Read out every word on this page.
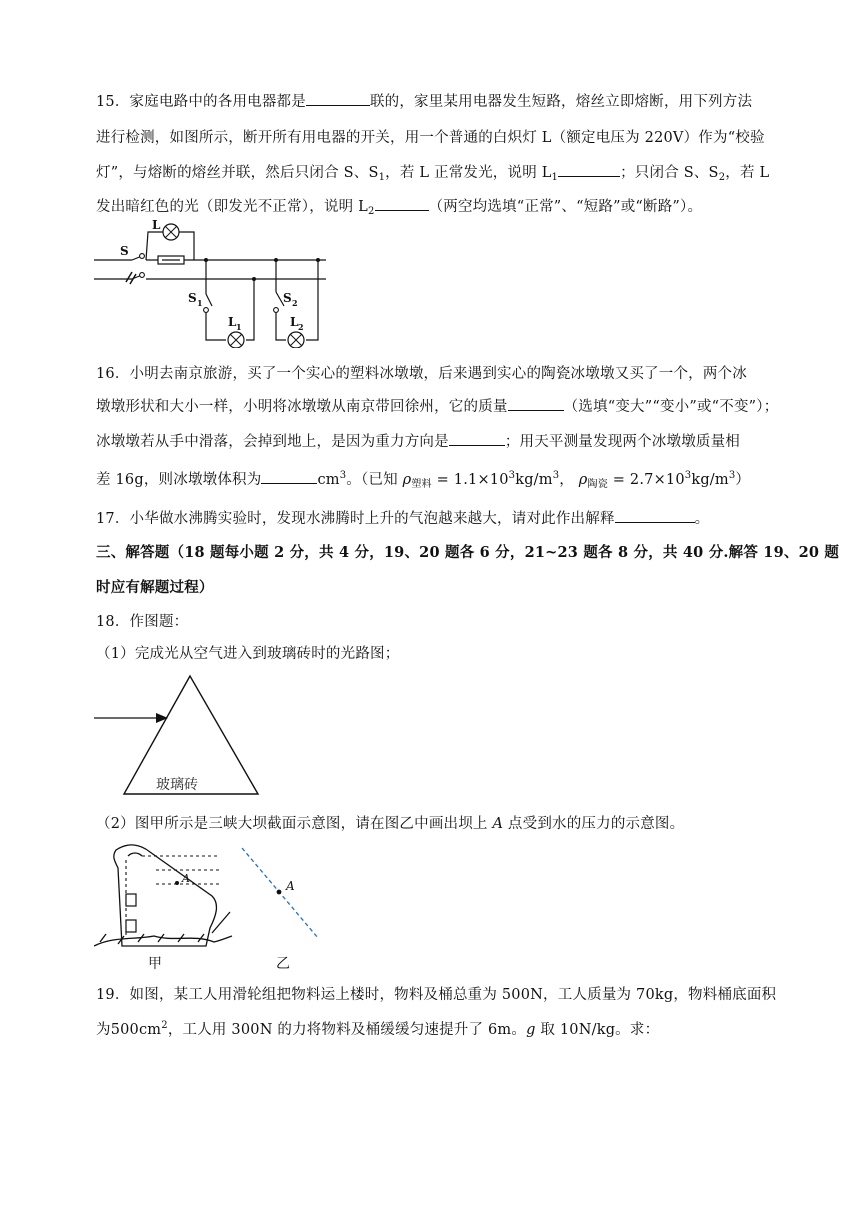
15．家庭电路中的各用电器都是	联的，家里某用电器发生短路，熔丝立即熔断，用下列方法
进行检测，如图所示，断开所有用电器的开关，用一个普通的白炽灯 L（额定电压为 220V）作为“校验
灯”，与熔断的熔丝并联，然后只闭合 S、$S_1$，若 L 正常发光，说明 $L_1$	；只闭合 S、$S_2$，若 L
发出暗红色的光（即发光不正常），说明 $L_2$	（两空均选填“正常”、“短路”或“断路”）。
S
L
S 1	S 2
L 1	L 2
16．小明去南京旅游，买了一个实心的塑料冰墩墩，后来遇到实心的陶瓷冰墩墩又买了一个，两个冰
墩墩形状和大小一样，小明将冰墩墩从南京带回徐州，它的质量	（选填“变大”“变小”或“不变”）；
冰墩墩若从手中滑落，会掉到地上，是因为重力方向是	；用天平测量发现两个冰墩墩质量相
差 16g，则冰墩墩体积为	$cm^3$。（已知 $\rho_{塑料} = 1.1\times 10^3kg/m^3$， $\rho_{陶瓷} = 2.7\times 10^3kg/m^3$）
17．小华做水沸腾实验时，发现水沸腾时上升的气泡越来越大，请对此作出解释	。
三、解答题（18 题每小题 2 分，共 4 分，19、20 题各 6 分，21~23 题各 8 分，共 40 分.解答 19、20 题
时应有解题过程）
18．作图题：
（1）完成光从空气进入到玻璃砖时的光路图；
玻璃砖
（2）图甲所示是三峡大坝截面示意图，请在图乙中画出坝上 A 点受到水的压力的示意图。
A
A
甲	乙
19．如图，某工人用滑轮组把物料运上楼时，物料及桶总重为 500N，工人质量为 70kg，物料桶底面积
为$500cm^2$，工人用 300N 的力将物料及桶缓缓匀速提升了 6m。g 取 10N/kg。求：
